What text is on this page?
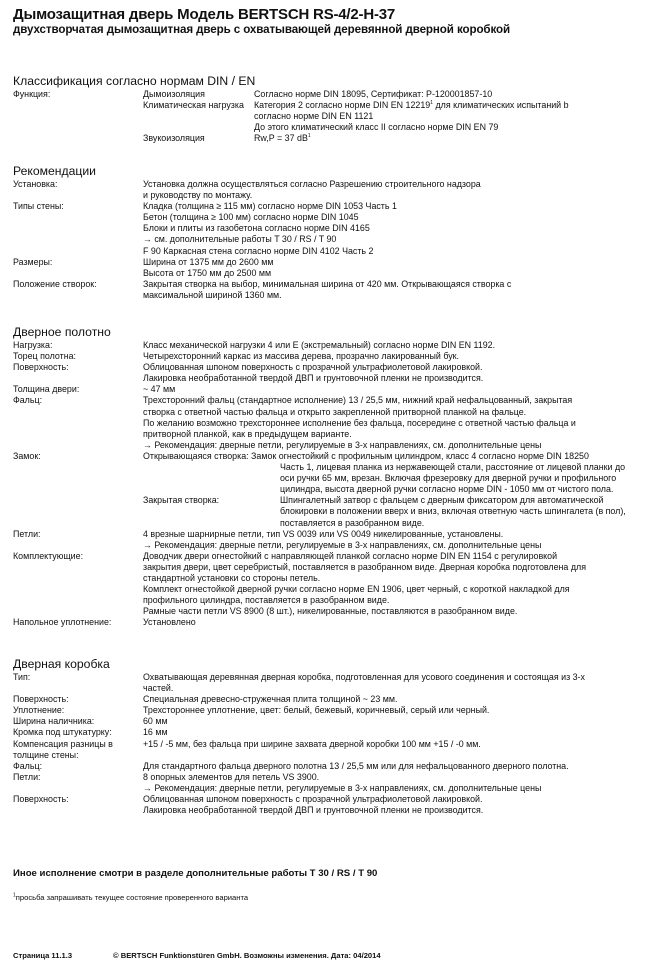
Дымозащитная дверь Модель BERTSCH RS-4/2-H-37
двухстворчатая дымозащитная дверь с охватывающей деревянной дверной коробкой
Классификация согласно нормам DIN / EN
Функция:	Дымоизоляция	Согласно норме DIN 18095, Сертификат: P-120001857-10
Климатическая нагрузка	Категория 2 согласно норме DIN EN 12219$^1$ для климатических испытаний b
согласно норме DIN EN 1121
До этого климатический класс II согласно норме DIN EN 79
Звукоизоляция	Rw,P = 37 $dB^1$
Рекомендации
Установка:	Установка должна осуществляться согласно Разрешению строительного надзора
и руководству по монтажу.
Типы стены:	Кладка (толщина ≥ 115 мм) согласно норме DIN 1053 Часть 1
Бетон (толщина ≥ 100 мм) согласно норме DIN 1045
Блоки и плиты из газобетона согласно норме DIN 4165
→ см. дополнительные работы T 30 / RS / T 90
F 90 Каркасная стена согласно норме DIN 4102 Часть 2
Размеры:	Ширина от 1375 мм до 2600 мм
Высота от 1750 мм до 2500 мм
Положение створок:	Закрытая створка на выбор, минимальная ширина от 420 мм. Открывающаяся створка с
максимальной шириной 1360 мм.
Дверное полотно
Нагрузка:	Класс механической нагрузки 4 или E (экстремальный) согласно норме DIN EN 1192.
Торец полотна:	Четырехсторонний каркас из массива дерева, прозрачно лакированный бук.
Поверхность:	Облицованная шпоном поверхность с прозрачной ультрафиолетовой лакировкой.
Лакировка необработанной твердой ДВП и грунтовочной пленки не производится.
Толщина двери:	~ 47 мм
Фальц:	Трехсторонний фальц (стандартное исполнение) 13 / 25,5 мм, нижний край нефальцованный, закрытая
створка с ответной частью фальца и открыто закрепленной притворной планкой на фальце.
По желанию возможно трехстороннее исполнение без фальца, посередине с ответной частью фальца и
притворной планкой, как в предыдущем варианте.
→ Рекомендация: дверные петли, регулируемые в 3-х направлениях, см. дополнительные цены
Замок:	Открывающаяся створка: Замок огнестойкий с профильным цилиндром, класс 4 согласно норме DIN 18250
Часть 1, лицевая планка из нержавеющей стали, расстояние от лицевой планки до
оси ручки 65 мм, врезан. Включая фрезеровку для дверной ручки и профильного
цилиндра, высота дверной ручки согласно норме DIN - 1050 мм от чистого пола.
Закрытая створка:	Шпингалетный затвор с фальцем с дверным фиксатором для автоматической
блокировки в положении вверх и вниз, включая ответную часть шпингалета (в пол),
поставляется в разобранном виде.
Петли:	4 врезные шарнирные петли, тип VS 0039 или VS 0049 никелированные, установлены.
→ Рекомендация: дверные петли, регулируемые в 3-х направлениях, см. дополнительные цены
Комплектующие:	Доводчик двери огнестойкий с направляющей планкой согласно норме DIN EN 1154 с регулировкой
закрытия двери, цвет серебристый, поставляется в разобранном виде. Дверная коробка подготовлена для
стандартной установки со стороны петель.
Комплект огнестойкой дверной ручки согласно норме EN 1906, цвет черный, с короткой накладкой для
профильного цилиндра, поставляется в разобранном виде.
Рамные части петли VS 8900 (8 шт.), никелированные, поставляются в разобранном виде.
Напольное уплотнение:	Установлено
Дверная коробка
Тип:	Охватывающая деревянная дверная коробка, подготовленная для усового соединения и состоящая из 3-х
частей.
Поверхность:	Специальная древесно-стружечная плита толщиной ~ 23 мм.
Уплотнение:	Трехстороннее уплотнение, цвет: белый, бежевый, коричневый, серый или черный.
Ширина наличника:	60 мм
Кромка под штукатурку:	16 мм
Компенсация разницы в толщине стены:
+15 / -5 мм, без фальца при ширине захвата дверной коробки 100 мм +15 / -0 мм.
Фальц:	Для стандартного фальца дверного полотна 13 / 25,5 мм или для нефальцованного дверного полотна.
Петли:	8 опорных элементов для петель VS 3900.
→ Рекомендация: дверные петли, регулируемые в 3-х направлениях, см. дополнительные цены
Поверхность:	Облицованная шпоном поверхность с прозрачной ультрафиолетовой лакировкой.
Лакировка необработанной твердой ДВП и грунтовочной пленки не производится.
Иное исполнение смотри в разделе дополнительные работы T 30 / RS / T 90
$^1$просьба запрашивать текущее состояние проверенного варианта
Страница 11.1.3	© BERTSCH Funktionstüren GmbH. Возможны изменения. Дата: 04/2014
